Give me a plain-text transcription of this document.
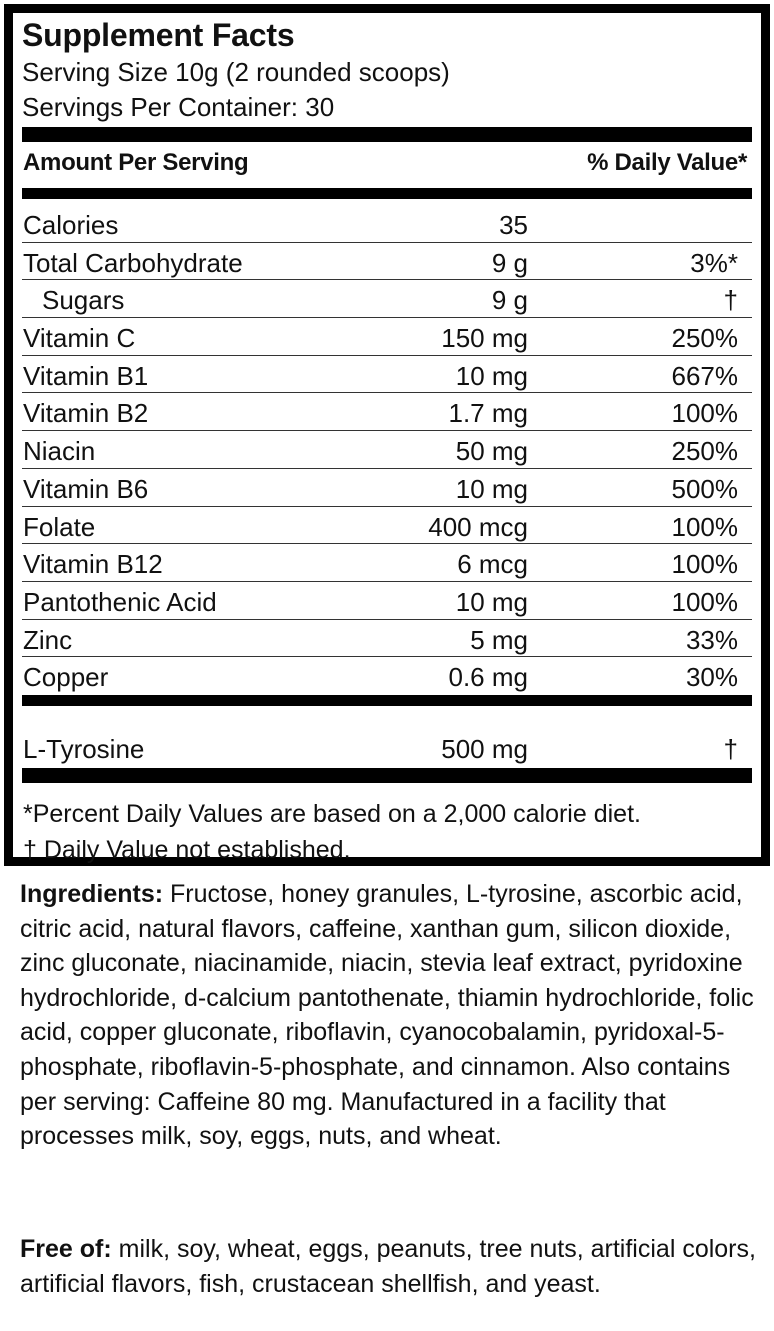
Supplement Facts
Serving Size 10g (2 rounded scoops)
Servings Per Container: 30
Amount Per Serving	% Daily Value*
Calories	35
Total Carbohydrate	9 g	3%*
Sugars	9 g	†
Vitamin C	150 mg	250%
Vitamin B1	10 mg	667%
Vitamin B2	1.7 mg	100%
Niacin	50 mg	250%
Vitamin B6	10 mg	500%
Folate	400 mcg	100%
Vitamin B12	6 mcg	100%
Pantothenic Acid	10 mg	100%
Zinc	5 mg	33%
Copper	0.6 mg	30%
L-Tyrosine	500 mg	†
*Percent Daily Values are based on a 2,000 calorie diet.
† Daily Value not established.
Ingredients: Fructose, honey granules, L-tyrosine, ascorbic acid, citric acid, natural flavors, caffeine, xanthan gum, silicon dioxide, zinc gluconate, niacinamide, niacin, stevia leaf extract, pyridoxine hydrochloride, d-calcium pantothenate, thiamin hydrochloride, folic acid, copper gluconate, riboflavin, cyanocobalamin, pyridoxal-5-phosphate, riboflavin-5-phosphate, and cinnamon. Also contains per serving: Caffeine 80 mg. Manufactured in a facility that processes milk, soy, eggs, nuts, and wheat.
Free of: milk, soy, wheat, eggs, peanuts, tree nuts, artificial colors, artificial flavors, fish, crustacean shellfish, and yeast.
